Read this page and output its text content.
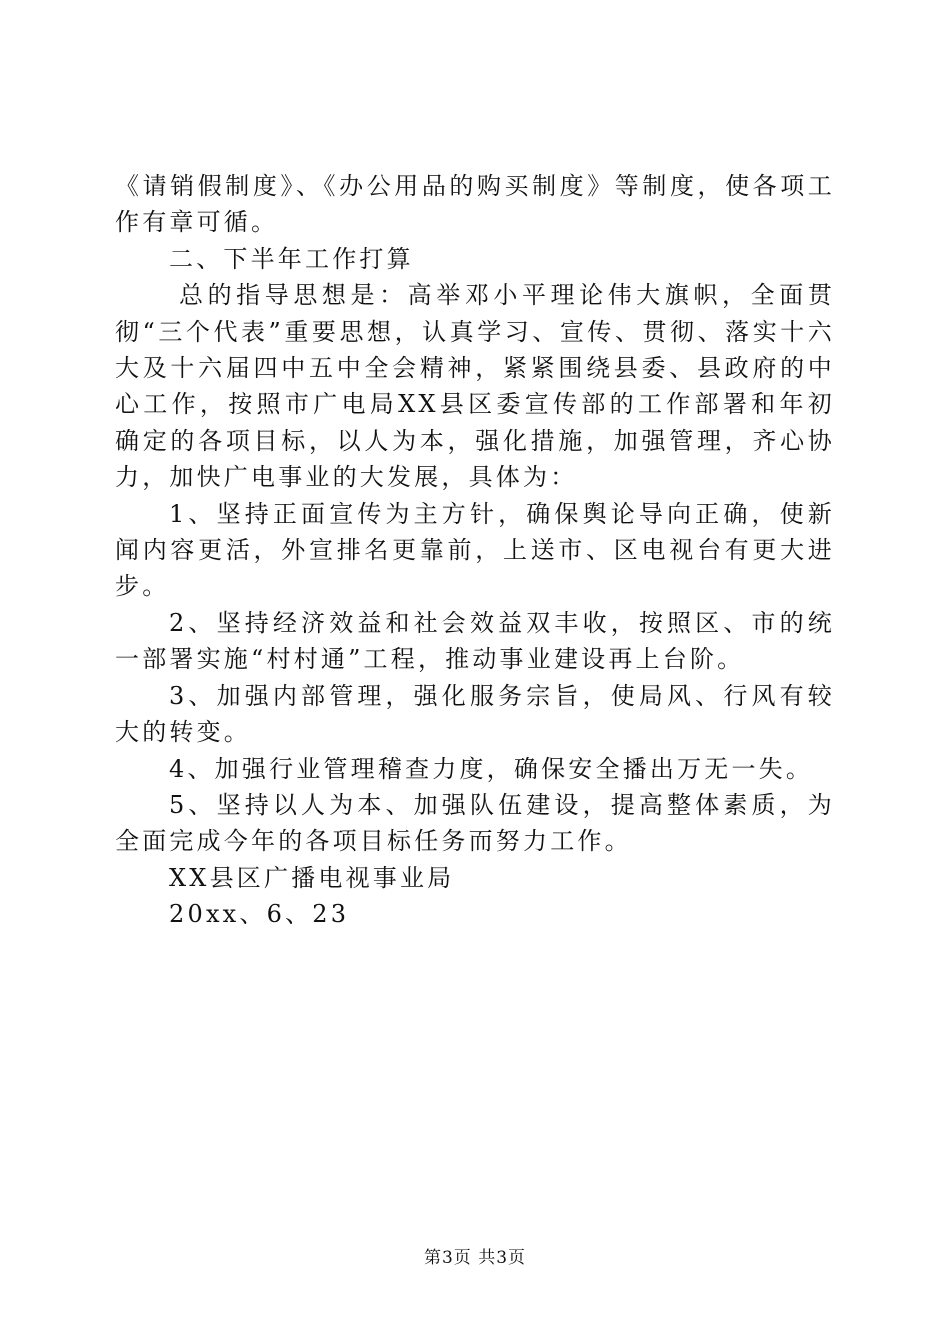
《请销假制度》、《办公用品的购买制度》等制度，使各项工作有章可循。

二、下半年工作打算

总的指导思想是：高举邓小平理论伟大旗帜，全面贯彻“三个代表”重要思想，认真学习、宣传、贯彻、落实十六大及十六届四中五中全会精神，紧紧围绕县委、县政府的中心工作，按照市广电局XX县区委宣传部的工作部署和年初确定的各项目标，以人为本，强化措施，加强管理，齐心协力，加快广电事业的大发展，具体为：

1、坚持正面宣传为主方针，确保舆论导向正确，使新闻内容更活，外宣排名更靠前，上送市、区电视台有更大进步。

2、坚持经济效益和社会效益双丰收，按照区、市的统一部署实施“村村通”工程，推动事业建设再上台阶。

3、加强内部管理，强化服务宗旨，使局风、行风有较大的转变。

4、加强行业管理稽查力度，确保安全播出万无一失。

5、坚持以人为本、加强队伍建设，提高整体素质，为全面完成今年的各项目标任务而努力工作。

XX县区广播电视事业局

20xx、6、23

第3页 共3页
